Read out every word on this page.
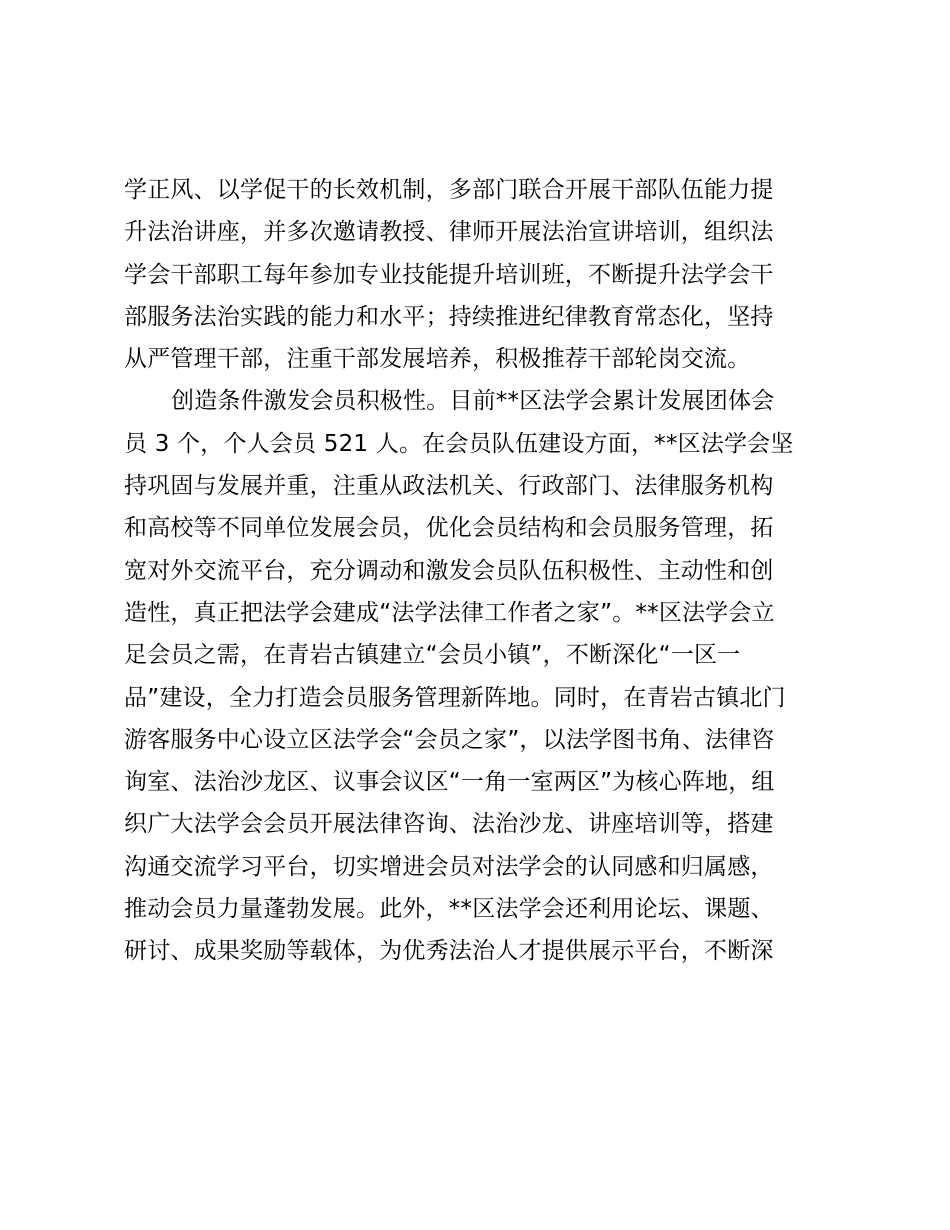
学正风、以学促干的长效机制，多部门联合开展干部队伍能力提
升法治讲座，并多次邀请教授、律师开展法治宣讲培训，组织法
学会干部职工每年参加专业技能提升培训班，不断提升法学会干
部服务法治实践的能力和水平；持续推进纪律教育常态化，坚持
从严管理干部，注重干部发展培养，积极推荐干部轮岗交流。
创造条件激发会员积极性。目前**区法学会累计发展团体会
员 3 个，个人会员 521 人。在会员队伍建设方面，**区法学会坚
持巩固与发展并重，注重从政法机关、行政部门、法律服务机构
和高校等不同单位发展会员，优化会员结构和会员服务管理，拓
宽对外交流平台，充分调动和激发会员队伍积极性、主动性和创
造性，真正把法学会建成“法学法律工作者之家”。**区法学会立
足会员之需，在青岩古镇建立“会员小镇”，不断深化“一区一
品”建设，全力打造会员服务管理新阵地。同时，在青岩古镇北门
游客服务中心设立区法学会“会员之家”，以法学图书角、法律咨
询室、法治沙龙区、议事会议区“一角一室两区”为核心阵地，组
织广大法学会会员开展法律咨询、法治沙龙、讲座培训等，搭建
沟通交流学习平台，切实增进会员对法学会的认同感和归属感，
推动会员力量蓬勃发展。此外，**区法学会还利用论坛、课题、
研讨、成果奖励等载体，为优秀法治人才提供展示平台，不断深
